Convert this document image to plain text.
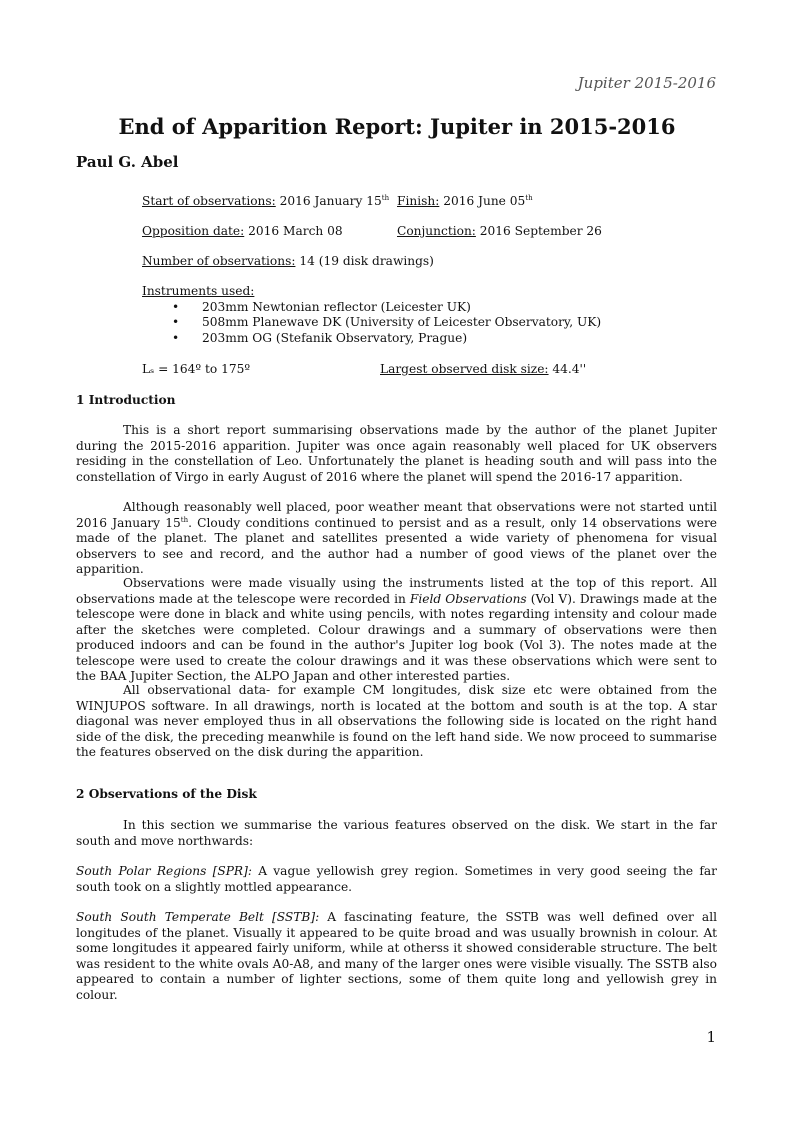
Jupiter 2015-2016
End of Apparition Report: Jupiter in 2015-2016
Paul G. Abel
Start of observations: 2016 January 15th Finish: 2016 June 05th
Opposition date: 2016 March 08	Conjunction: 2016 September 26
Number of observations: 14 (19 disk drawings)
Instruments used:
• 203mm Newtonian reflector (Leicester UK)
• 508mm Planewave DK (University of Leicester Observatory, UK)
• 203mm OG (Stefanik Observatory, Prague)
Lₛ = 164º to 175º	Largest observed disk size: 44.4''
1 Introduction

This is a short report summarising observations made by the author of the planet Jupiter during the 2015-2016 apparition. Jupiter was once again reasonably well placed for UK observers residing in the constellation of Leo. Unfortunately the planet is heading south and will pass into the constellation of Virgo in early August of 2016 where the planet will spend the 2016-17 apparition.

Although reasonably well placed, poor weather meant that observations were not started until 2016 January 15th. Cloudy conditions continued to persist and as a result, only 14 observations were made of the planet. The planet and satellites presented a wide variety of phenomena for visual observers to see and record, and the author had a number of good views of the planet over the apparition.

Observations were made visually using the instruments listed at the top of this report. All observations made at the telescope were recorded in Field Observations (Vol V). Drawings made at the telescope were done in black and white using pencils, with notes regarding intensity and colour made after the sketches were completed. Colour drawings and a summary of observations were then produced indoors and can be found in the author's Jupiter log book (Vol 3). The notes made at the telescope were used to create the colour drawings and it was these observations which were sent to the BAA Jupiter Section, the ALPO Japan and other interested parties.

All observational data- for example CM longitudes, disk size etc were obtained from the WINJUPOS software. In all drawings, north is located at the bottom and south is at the top. A star diagonal was never employed thus in all observations the following side is located on the right hand side of the disk, the preceding meanwhile is found on the left hand side. We now proceed to summarise the features observed on the disk during the apparition.

2 Observations of the Disk

In this section we summarise the various features observed on the disk. We start in the far south and move northwards:

South Polar Regions [SPR]: A vague yellowish grey region. Sometimes in very good seeing the far south took on a slightly mottled appearance.

South South Temperate Belt [SSTB]: A fascinating feature, the SSTB was well defined over all longitudes of the planet. Visually it appeared to be quite broad and was usually brownish in colour. At some longitudes it appeared fairly uniform, while at otherss it showed considerable structure. The belt was resident to the white ovals A0-A8, and many of the larger ones were visible visually. The SSTB also appeared to contain a number of lighter sections, some of them quite long and yellowish grey in colour.

1
